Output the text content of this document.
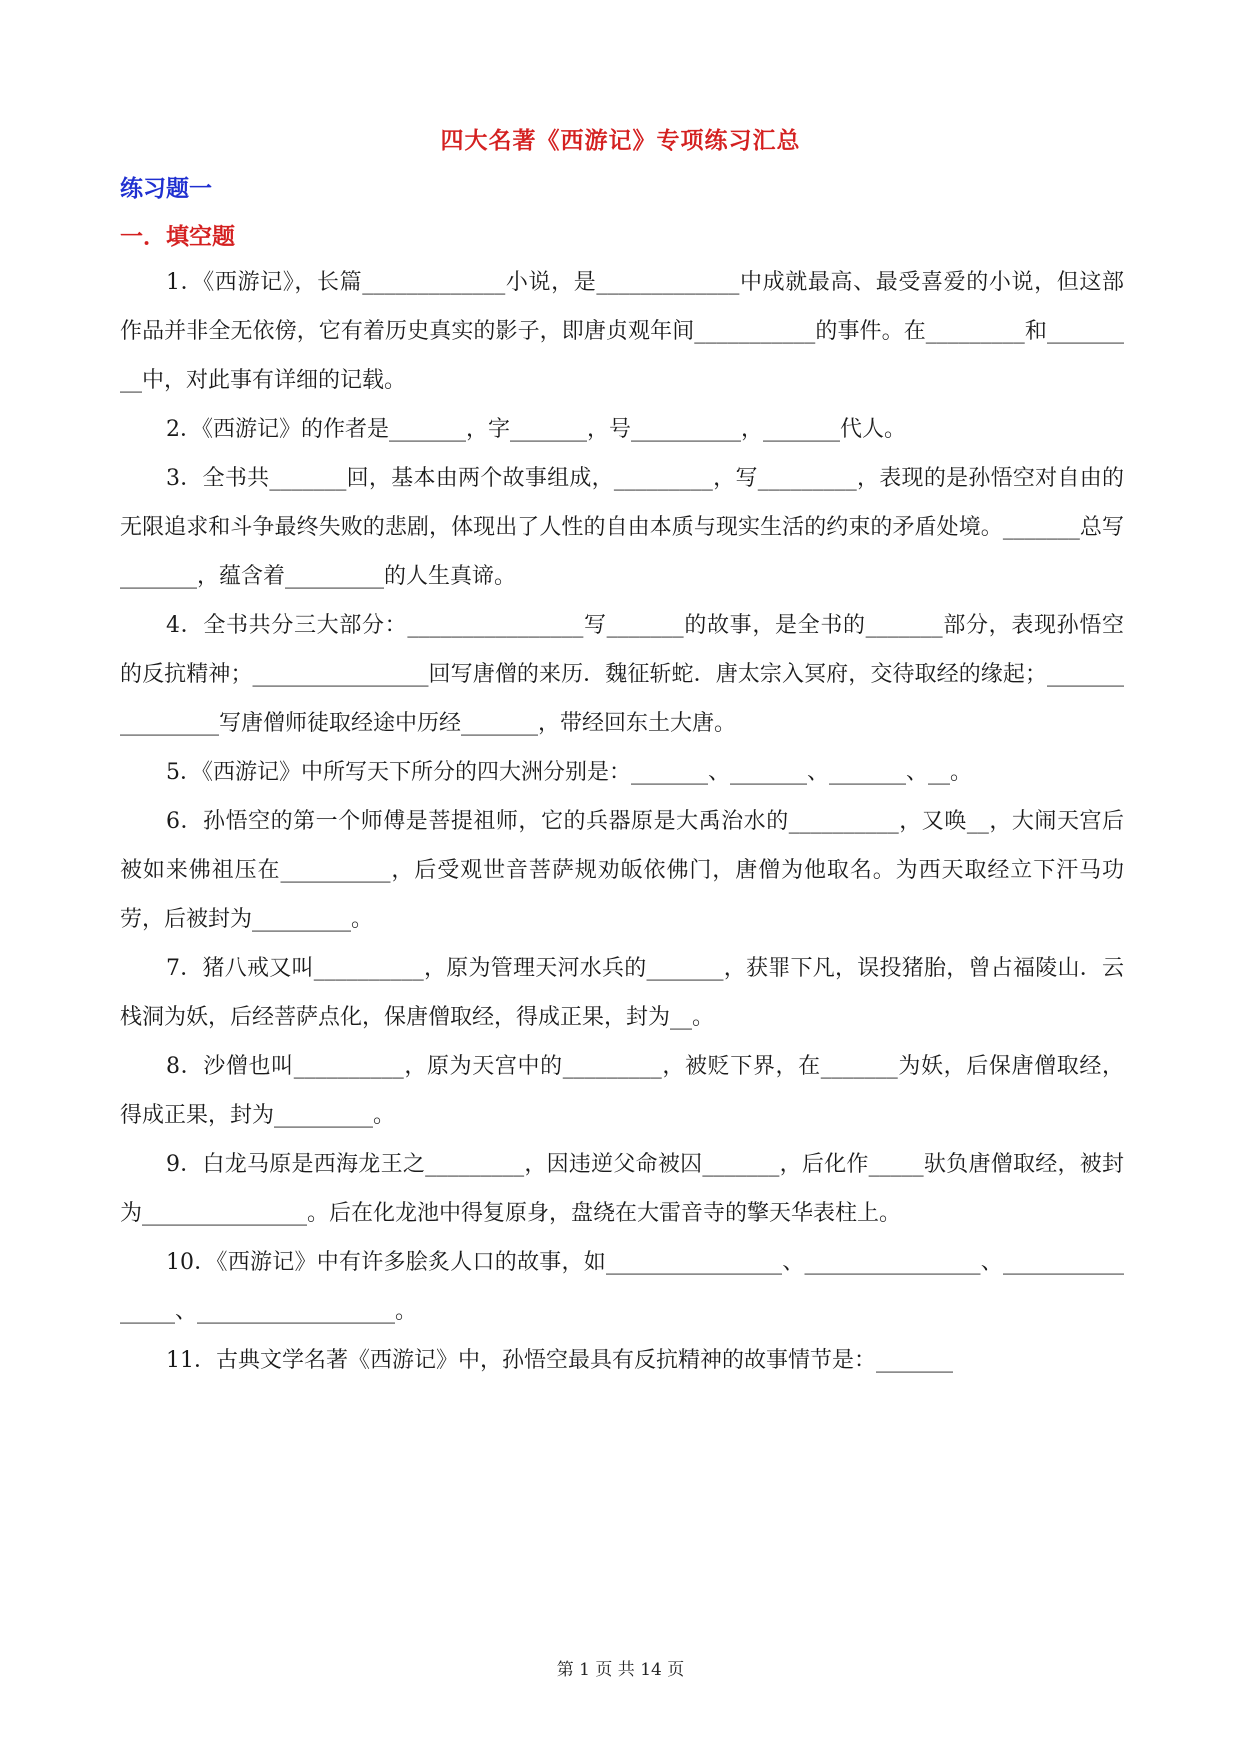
四大名著《西游记》专项练习汇总
练习题一
一．填空题

1．《西游记》，长篇_____________小说，是_____________中成就最高、最受喜爱的小说，但这部作品并非全无依傍，它有着历史真实的影子，即唐贞观年间___________的事件。在_________和_________中，对此事有详细的记载。

2．《西游记》的作者是_______，字_______，号__________，_______代人。

3．全书共_______回，基本由两个故事组成，_________，写_________，表现的是孙悟空对自由的无限追求和斗争最终失败的悲剧，体现出了人性的自由本质与现实生活的约束的矛盾处境。_______总写_______，蕴含着_________的人生真谛。

4．全书共分三大部分：________________写_______的故事，是全书的_______部分，表现孙悟空的反抗精神；________________回写唐僧的来历．魏征斩蛇．唐太宗入冥府，交待取经的缘起；________________写唐僧师徒取经途中历经_______，带经回东土大唐。

5．《西游记》中所写天下所分的四大洲分别是：_______、_______、_______、__。

6．孙悟空的第一个师傅是菩提祖师，它的兵器原是大禹治水的__________，又唤__，大闹天宫后被如来佛祖压在__________，后受观世音菩萨规劝皈依佛门，唐僧为他取名。为西天取经立下汗马功劳，后被封为_________。

7．猪八戒又叫__________，原为管理天河水兵的_______，获罪下凡，误投猪胎，曾占福陵山．云栈洞为妖，后经菩萨点化，保唐僧取经，得成正果，封为__。

8．沙僧也叫__________，原为天宫中的_________，被贬下界，在_______为妖，后保唐僧取经，得成正果，封为_________。

9．白龙马原是西海龙王之_________，因违逆父命被囚_______，后化作_____驮负唐僧取经，被封为_______________。后在化龙池中得复原身，盘绕在大雷音寺的擎天华表柱上。

10．《西游记》中有许多脍炙人口的故事，如________________、________________、________________、__________________。

11．古典文学名著《西游记》中，孙悟空最具有反抗精神的故事情节是：_______

第 1 页 共 14 页
